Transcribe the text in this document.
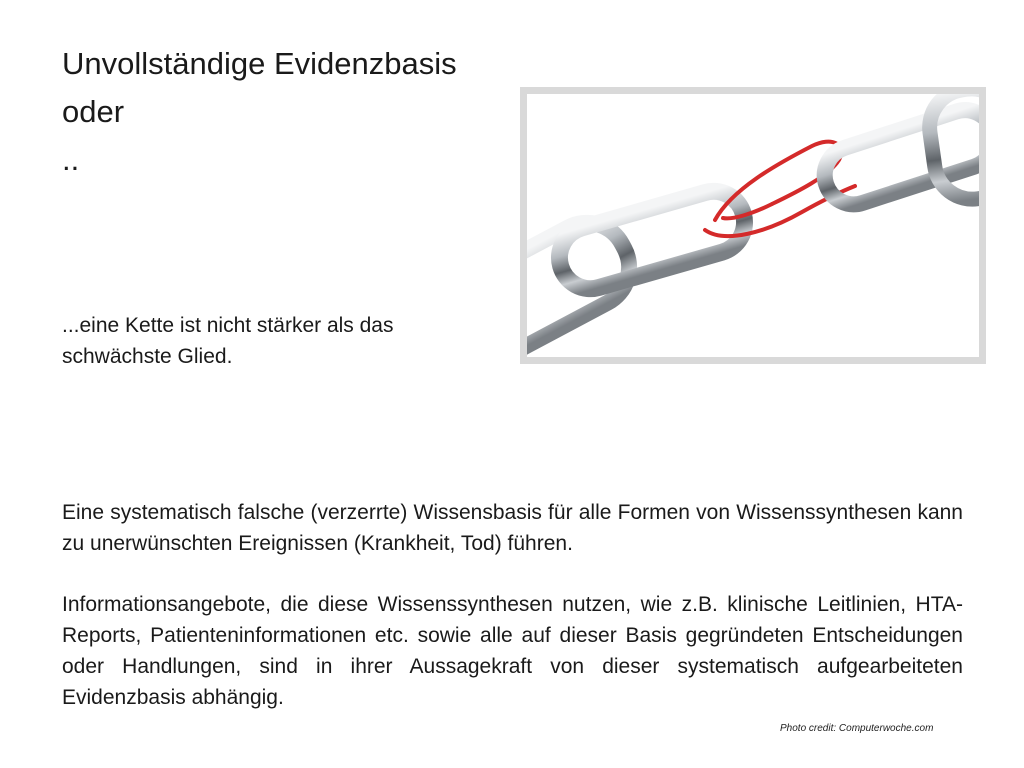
Unvollständige Evidenzbasis
oder
..
...eine Kette ist nicht stärker als das
schwächste Glied.

Eine systematisch falsche (verzerrte) Wissensbasis für alle Formen von Wissenssynthesen kann zu unerwünschten Ereignissen (Krankheit, Tod) führen.

Informationsangebote, die diese Wissenssynthesen nutzen, wie z.B. klinische Leitlinien, HTA-Reports, Patienteninformationen etc. sowie alle auf dieser Basis gegründeten Entscheidungen oder Handlungen, sind in ihrer Aussagekraft von dieser systematisch aufgearbeiteten Evidenzbasis abhängig.

Photo credit: Computerwoche.com
